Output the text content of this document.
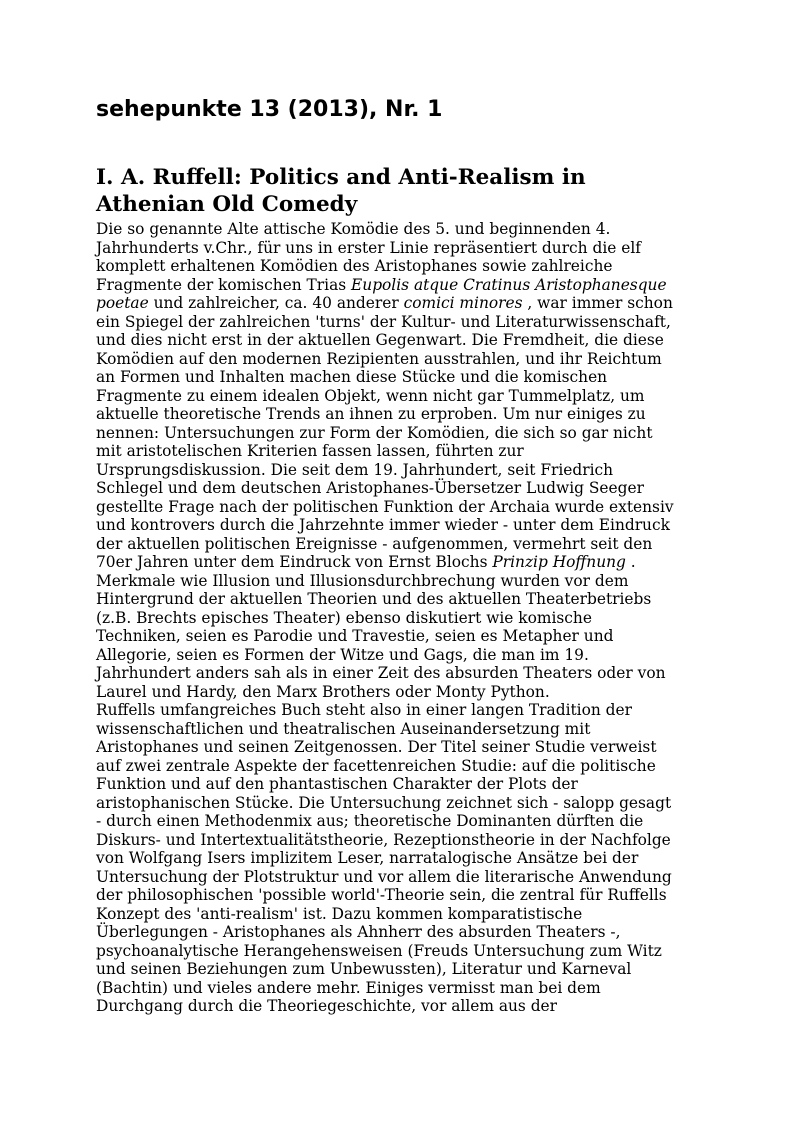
sehepunkte 13 (2013), Nr. 1
I. A. Ruffell: Politics and Anti-Realism in
Athenian Old Comedy
Die so genannte Alte attische Komödie des 5. und beginnenden 4.
Jahrhunderts v.Chr., für uns in erster Linie repräsentiert durch die elf
komplett erhaltenen Komödien des Aristophanes sowie zahlreiche
Fragmente der komischen Trias Eupolis atque Cratinus Aristophanesque
poetae und zahlreicher, ca. 40 anderer comici minores , war immer schon
ein Spiegel der zahlreichen 'turns' der Kultur- und Literaturwissenschaft,
und dies nicht erst in der aktuellen Gegenwart. Die Fremdheit, die diese
Komödien auf den modernen Rezipienten ausstrahlen, und ihr Reichtum
an Formen und Inhalten machen diese Stücke und die komischen
Fragmente zu einem idealen Objekt, wenn nicht gar Tummelplatz, um
aktuelle theoretische Trends an ihnen zu erproben. Um nur einiges zu
nennen: Untersuchungen zur Form der Komödien, die sich so gar nicht
mit aristotelischen Kriterien fassen lassen, führten zur
Ursprungsdiskussion. Die seit dem 19. Jahrhundert, seit Friedrich
Schlegel und dem deutschen Aristophanes-Übersetzer Ludwig Seeger
gestellte Frage nach der politischen Funktion der Archaia wurde extensiv
und kontrovers durch die Jahrzehnte immer wieder - unter dem Eindruck
der aktuellen politischen Ereignisse - aufgenommen, vermehrt seit den
70er Jahren unter dem Eindruck von Ernst Blochs Prinzip Hoffnung .
Merkmale wie Illusion und Illusionsdurchbrechung wurden vor dem
Hintergrund der aktuellen Theorien und des aktuellen Theaterbetriebs
(z.B. Brechts episches Theater) ebenso diskutiert wie komische
Techniken, seien es Parodie und Travestie, seien es Metapher und
Allegorie, seien es Formen der Witze und Gags, die man im 19.
Jahrhundert anders sah als in einer Zeit des absurden Theaters oder von
Laurel und Hardy, den Marx Brothers oder Monty Python.
Ruffells umfangreiches Buch steht also in einer langen Tradition der
wissenschaftlichen und theatralischen Auseinandersetzung mit
Aristophanes und seinen Zeitgenossen. Der Titel seiner Studie verweist
auf zwei zentrale Aspekte der facettenreichen Studie: auf die politische
Funktion und auf den phantastischen Charakter der Plots der
aristophanischen Stücke. Die Untersuchung zeichnet sich - salopp gesagt
- durch einen Methodenmix aus; theoretische Dominanten dürften die
Diskurs- und Intertextualitätstheorie, Rezeptionstheorie in der Nachfolge
von Wolfgang Isers implizitem Leser, narratalogische Ansätze bei der
Untersuchung der Plotstruktur und vor allem die literarische Anwendung
der philosophischen 'possible world'-Theorie sein, die zentral für Ruffells
Konzept des 'anti-realism' ist. Dazu kommen komparatistische
Überlegungen - Aristophanes als Ahnherr des absurden Theaters -,
psychoanalytische Herangehensweisen (Freuds Untersuchung zum Witz
und seinen Beziehungen zum Unbewussten), Literatur und Karneval
(Bachtin) und vieles andere mehr. Einiges vermisst man bei dem
Durchgang durch die Theoriegeschichte, vor allem aus der
